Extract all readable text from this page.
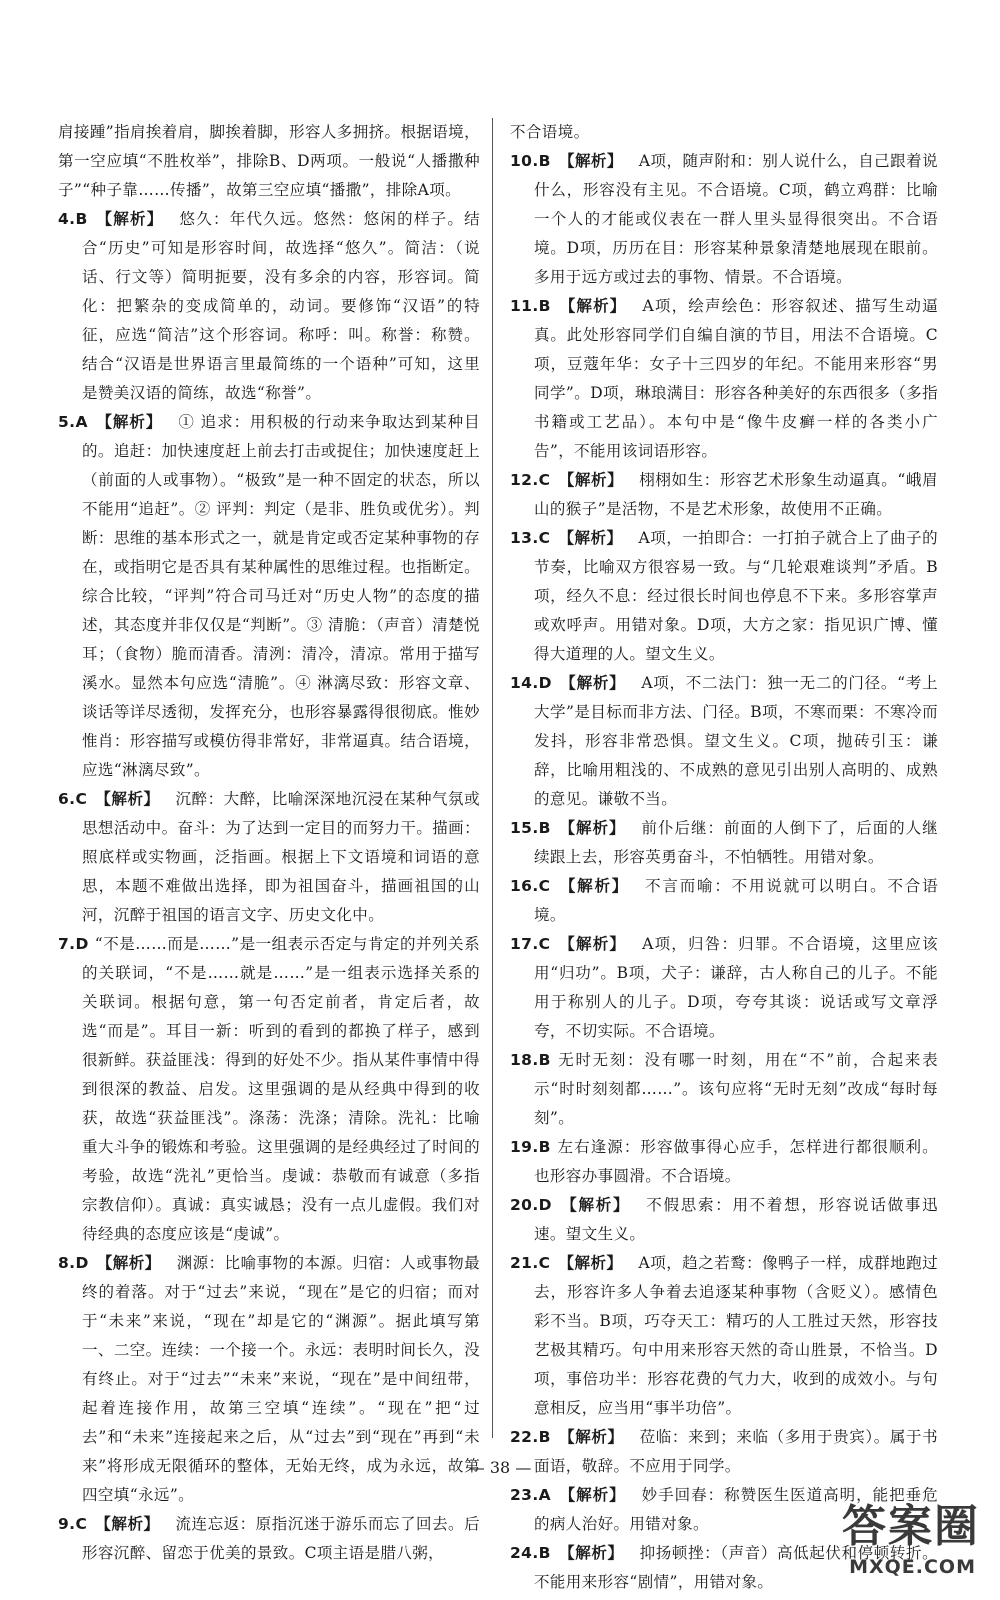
肩接踵”指肩挨着肩，脚挨着脚，形容人多拥挤。根据语境，第一空应填“不胜枚举”，排除B、D两项。一般说“人播撒种子”“种子靠……传播”，故第三空应填“播撒”，排除A项。

4.B 【解析】 悠久：年代久远。悠然：悠闲的样子。结合“历史”可知是形容时间，故选择“悠久”。简洁：（说话、行文等）简明扼要，没有多余的内容，形容词。简化：把繁杂的变成简单的，动词。要修饰“汉语”的特征，应选“简洁”这个形容词。称呼：叫。称誉：称赞。结合“汉语是世界语言里最简练的一个语种”可知，这里是赞美汉语的简练，故选“称誉”。

5.A 【解析】 ① 追求：用积极的行动来争取达到某种目的。追赶：加快速度赶上前去打击或捉住；加快速度赶上（前面的人或事物）。“极致”是一种不固定的状态，所以不能用“追赶”。② 评判：判定（是非、胜负或优劣）。判断：思维的基本形式之一，就是肯定或否定某种事物的存在，或指明它是否具有某种属性的思维过程。也指断定。综合比较，“评判”符合司马迁对“历史人物”的态度的描述，其态度并非仅仅是“判断”。③ 清脆：（声音）清楚悦耳；（食物）脆而清香。清洌：清冷，清凉。常用于描写溪水。显然本句应选“清脆”。④ 淋漓尽致：形容文章、谈话等详尽透彻，发挥充分，也形容暴露得很彻底。惟妙惟肖：形容描写或模仿得非常好，非常逼真。结合语境，应选“淋漓尽致”。

6.C 【解析】 沉醉：大醉，比喻深深地沉浸在某种气氛或思想活动中。奋斗：为了达到一定目的而努力干。描画：照底样或实物画，泛指画。根据上下文语境和词语的意思，本题不难做出选择，即为祖国奋斗，描画祖国的山河，沉醉于祖国的语言文字、历史文化中。

7.D “不是……而是……”是一组表示否定与肯定的并列关系的关联词，“不是……就是……”是一组表示选择关系的关联词。根据句意，第一句否定前者，肯定后者，故选“而是”。耳目一新：听到的看到的都换了样子，感到很新鲜。获益匪浅：得到的好处不少。指从某件事情中得到很深的教益、启发。这里强调的是从经典中得到的收获，故选“获益匪浅”。涤荡：洗涤；清除。洗礼：比喻重大斗争的锻炼和考验。这里强调的是经典经过了时间的考验，故选“洗礼”更恰当。虔诚：恭敬而有诚意（多指宗教信仰）。真诚：真实诚恳；没有一点儿虚假。我们对待经典的态度应该是“虔诚”。

8.D 【解析】 渊源：比喻事物的本源。归宿：人或事物最终的着落。对于“过去”来说，“现在”是它的归宿；而对于“未来”来说，“现在”却是它的“渊源”。据此填写第一、二空。连续：一个接一个。永远：表明时间长久，没有终止。对于“过去”“未来”来说，“现在”是中间纽带，起着连接作用，故第三空填“连续”。“现在”把“过去”和“未来”连接起来之后，从“过去”到“现在”再到“未来”将形成无限循环的整体，无始无终，成为永远，故第四空填“永远”。

9.C 【解析】 流连忘返：原指沉迷于游乐而忘了回去。后形容沉醉、留恋于优美的景致。C项主语是腊八粥，

不合语境。

10.B 【解析】 A项，随声附和：别人说什么，自己跟着说什么，形容没有主见。不合语境。C项，鹤立鸡群：比喻一个人的才能或仪表在一群人里头显得很突出。不合语境。D项，历历在目：形容某种景象清楚地展现在眼前。多用于远方或过去的事物、情景。不合语境。

11.B 【解析】 A项，绘声绘色：形容叙述、描写生动逼真。此处形容同学们自编自演的节目，用法不合语境。C项，豆蔻年华：女子十三四岁的年纪。不能用来形容“男同学”。D项，琳琅满目：形容各种美好的东西很多（多指书籍或工艺品）。本句中是“像牛皮癣一样的各类小广告”，不能用该词语形容。

12.C 【解析】 栩栩如生：形容艺术形象生动逼真。“峨眉山的猴子”是活物，不是艺术形象，故使用不正确。

13.C 【解析】 A项，一拍即合：一打拍子就合上了曲子的节奏，比喻双方很容易一致。与“几轮艰难谈判”矛盾。B项，经久不息：经过很长时间也停息不下来。多形容掌声或欢呼声。用错对象。D项，大方之家：指见识广博、懂得大道理的人。望文生义。

14.D 【解析】 A项，不二法门：独一无二的门径。“考上大学”是目标而非方法、门径。B项，不寒而栗：不寒冷而发抖，形容非常恐惧。望文生义。C项，抛砖引玉：谦辞，比喻用粗浅的、不成熟的意见引出别人高明的、成熟的意见。谦敬不当。

15.B 【解析】 前仆后继：前面的人倒下了，后面的人继续跟上去，形容英勇奋斗，不怕牺牲。用错对象。

16.C 【解析】 不言而喻：不用说就可以明白。不合语境。

17.C 【解析】 A项，归咎：归罪。不合语境，这里应该用“归功”。B项，犬子：谦辞，古人称自己的儿子。不能用于称别人的儿子。D项，夸夸其谈：说话或写文章浮夸，不切实际。不合语境。

18.B 无时无刻：没有哪一时刻，用在“不”前，合起来表示“时时刻刻都……”。该句应将“无时无刻”改成“每时每刻”。

19.B 左右逢源：形容做事得心应手，怎样进行都很顺利。也形容办事圆滑。不合语境。

20.D 【解析】 不假思索：用不着想，形容说话做事迅速。望文生义。

21.C 【解析】 A项，趋之若鹜：像鸭子一样，成群地跑过去，形容许多人争着去追逐某种事物（含贬义）。感情色彩不当。B项，巧夺天工：精巧的人工胜过天然，形容技艺极其精巧。句中用来形容天然的奇山胜景，不恰当。D项，事倍功半：形容花费的气力大，收到的成效小。与句意相反，应当用“事半功倍”。

22.B 【解析】 莅临：来到；来临（多用于贵宾）。属于书面语，敬辞。不应用于同学。

23.A 【解析】 妙手回春：称赞医生医道高明，能把垂危的病人治好。用错对象。

24.B 【解析】 抑扬顿挫：（声音）高低起伏和停顿转折。不能用来形容“剧情”，用错对象。

— 38 —
答案圈
MXQE.COM
